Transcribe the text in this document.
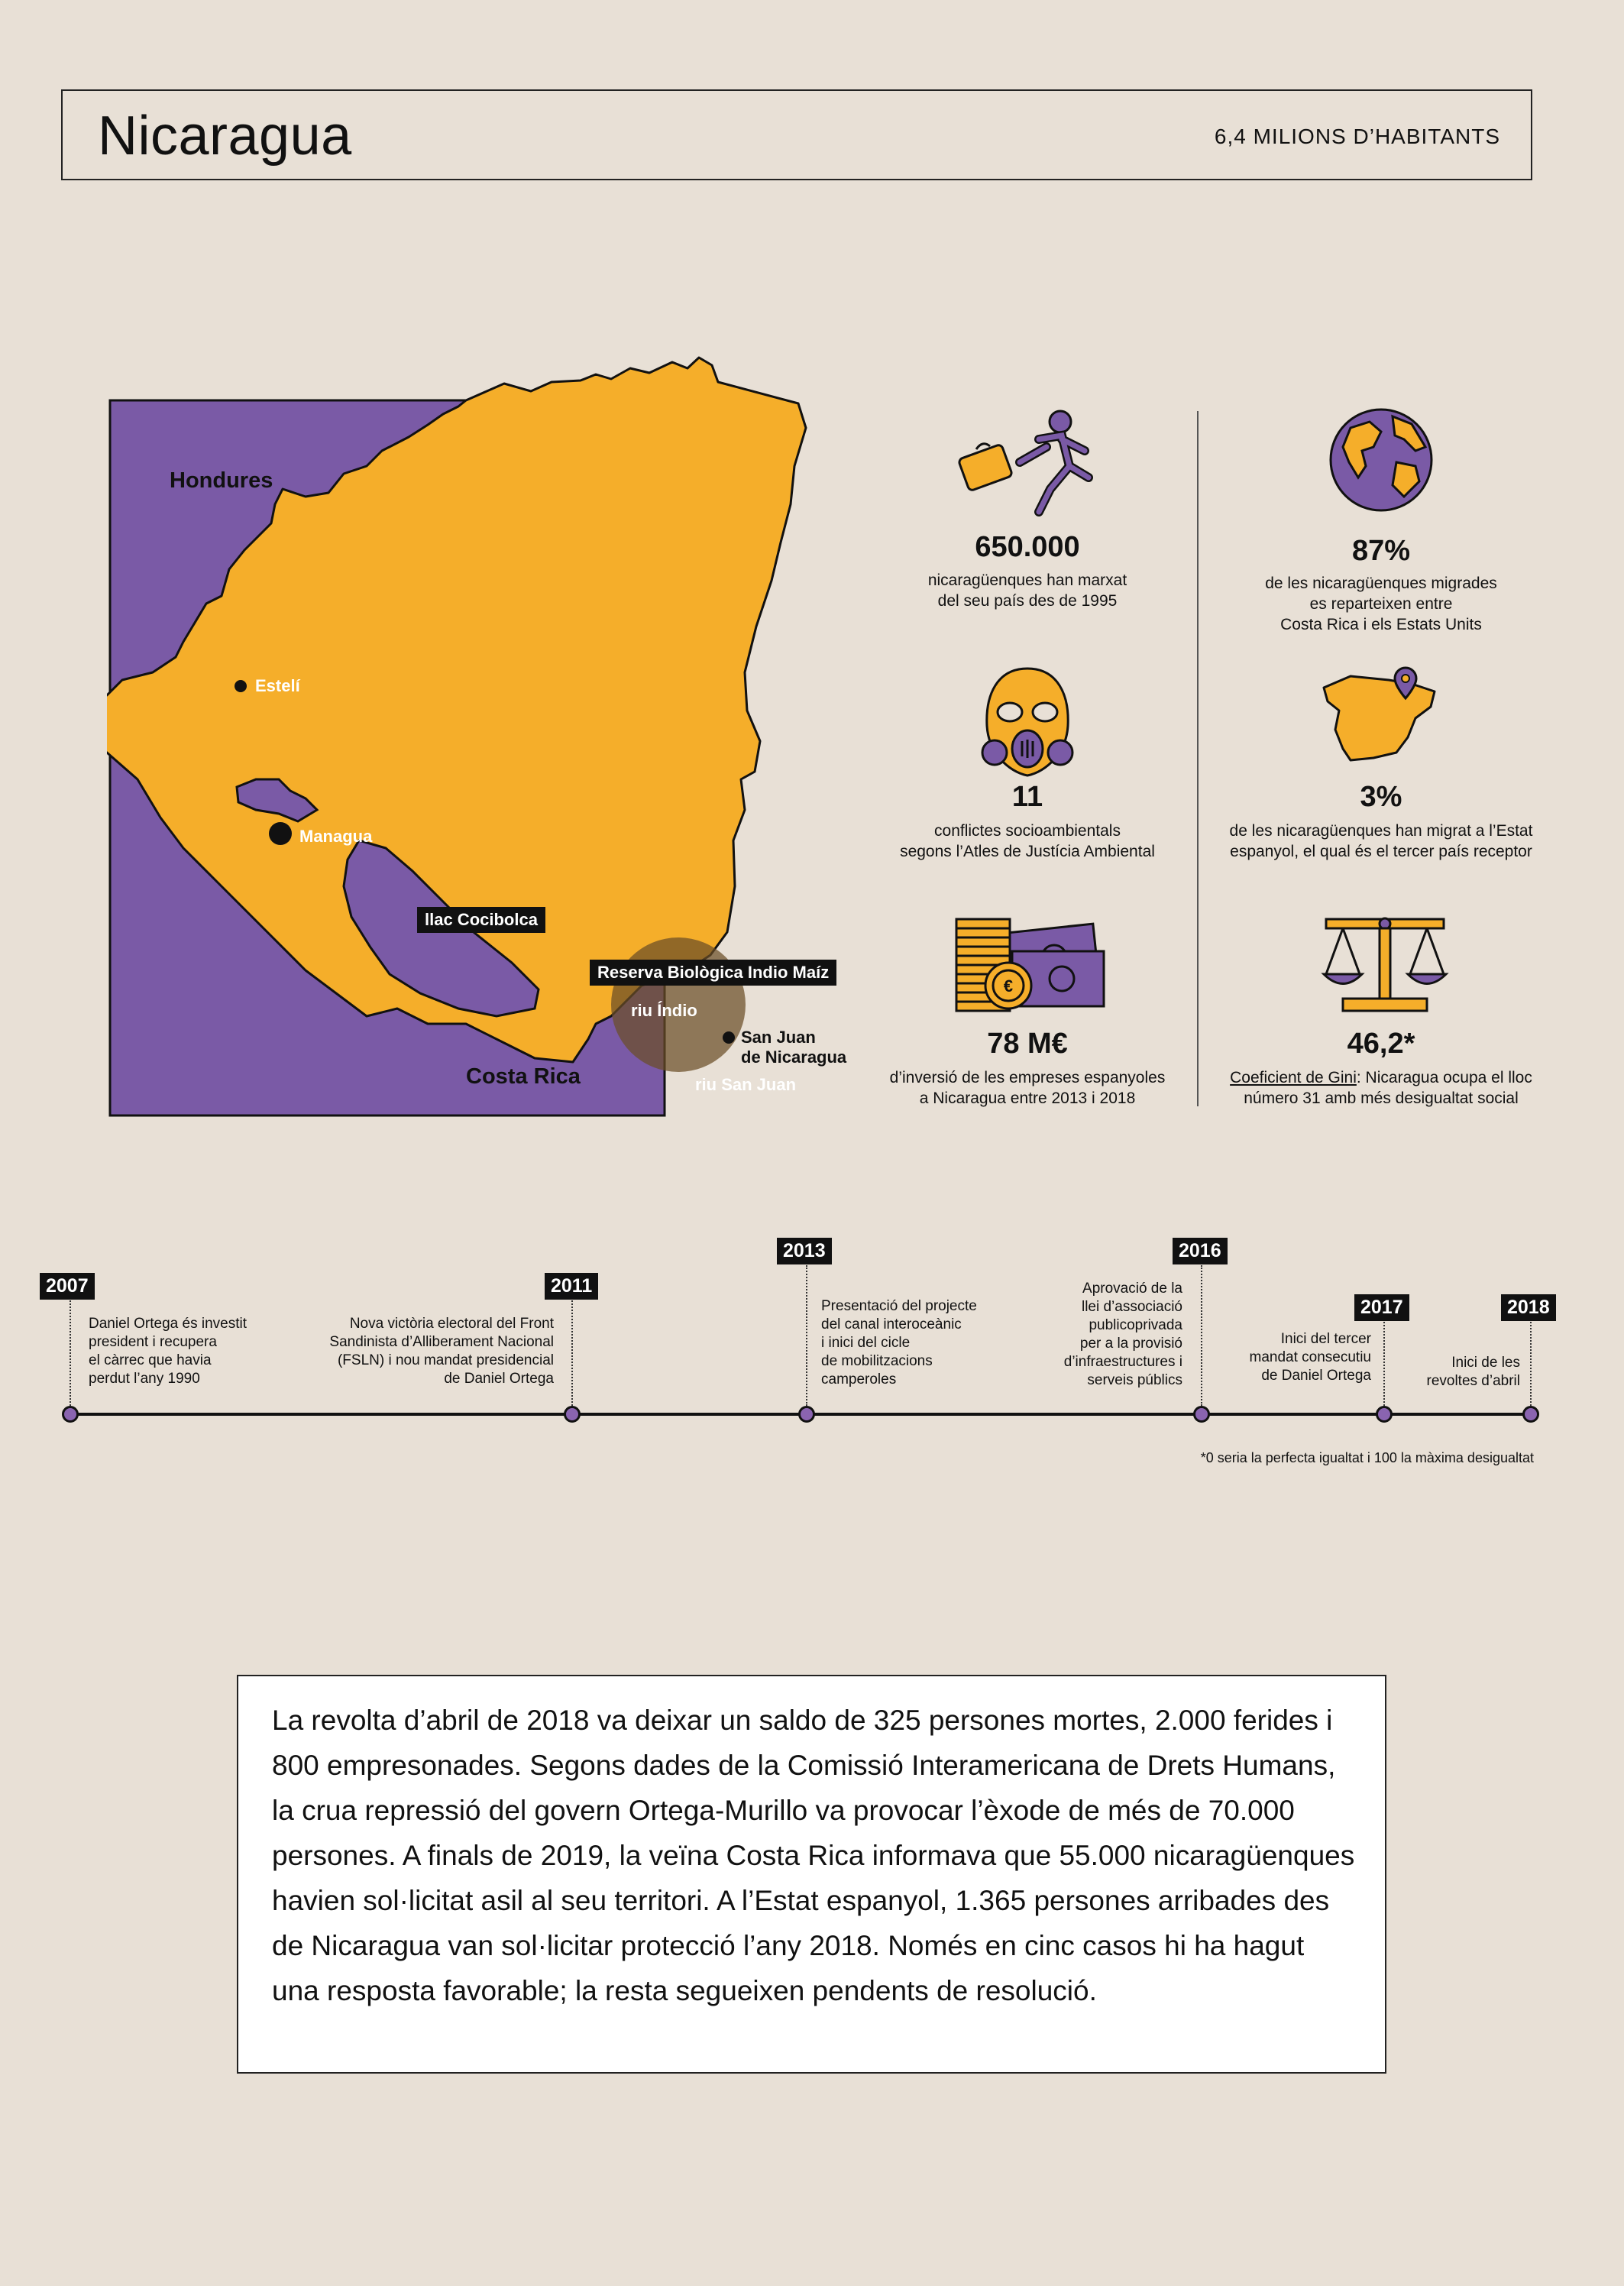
Nicaragua	6,4 MILIONS D’HABITANTS
Hondures
Costa Rica
Estelí
Managua
llac Cocibolca
Reserva Biològica Indio Maíz
riu Índio
San Juan
de Nicaragua
riu San Juan
650.000
nicaragüenques han marxat
del seu país des de 1995
87%
de les nicaragüenques migrades
es reparteixen entre
Costa Rica i els Estats Units
11
conflictes socioambientals
segons l’Atles de Justícia Ambiental
3%
de les nicaragüenques han migrat a l’Estat
espanyol, el qual és el tercer país receptor
€
78 M€
d’inversió de les empreses espanyoles
a Nicaragua entre 2013 i 2018
46,2*
Coeficient de Gini: Nicaragua ocupa el lloc
número 31 amb més desigualtat social
2007
Daniel Ortega és investit
president i recupera
el càrrec que havia
perdut l’any 1990
2011
Nova victòria electoral del Front
Sandinista d’Alliberament Nacional
(FSLN) i nou mandat presidencial
de Daniel Ortega
2013
Presentació del projecte
del canal interoceànic
i inici del cicle
de mobilitzacions
camperoles
2016
Aprovació de la
llei d’associació
publicoprivada
per a la provisió
d’infraestructures i
serveis públics
2017
Inici del tercer
mandat consecutiu
de Daniel Ortega
2018
Inici de les
revoltes d’abril
*0 seria la perfecta igualtat i 100 la màxima desigualtat
La revolta d’abril de 2018 va deixar un saldo de 325 persones mortes, 2.000 ferides i 800 empresonades. Segons dades de la Comissió Interamericana de Drets Humans, la crua repressió del govern Ortega-Murillo va provocar l’èxode de més de 70.000 persones. A finals de 2019, la veïna Costa Rica informava que 55.000 nicaragüenques havien sol·licitat asil al seu territori. A l’Estat espanyol, 1.365 persones arribades des de Nicaragua van sol·licitar protecció l’any 2018. Només en cinc casos hi ha hagut una resposta favorable; la resta segueixen pendents de resolució.
